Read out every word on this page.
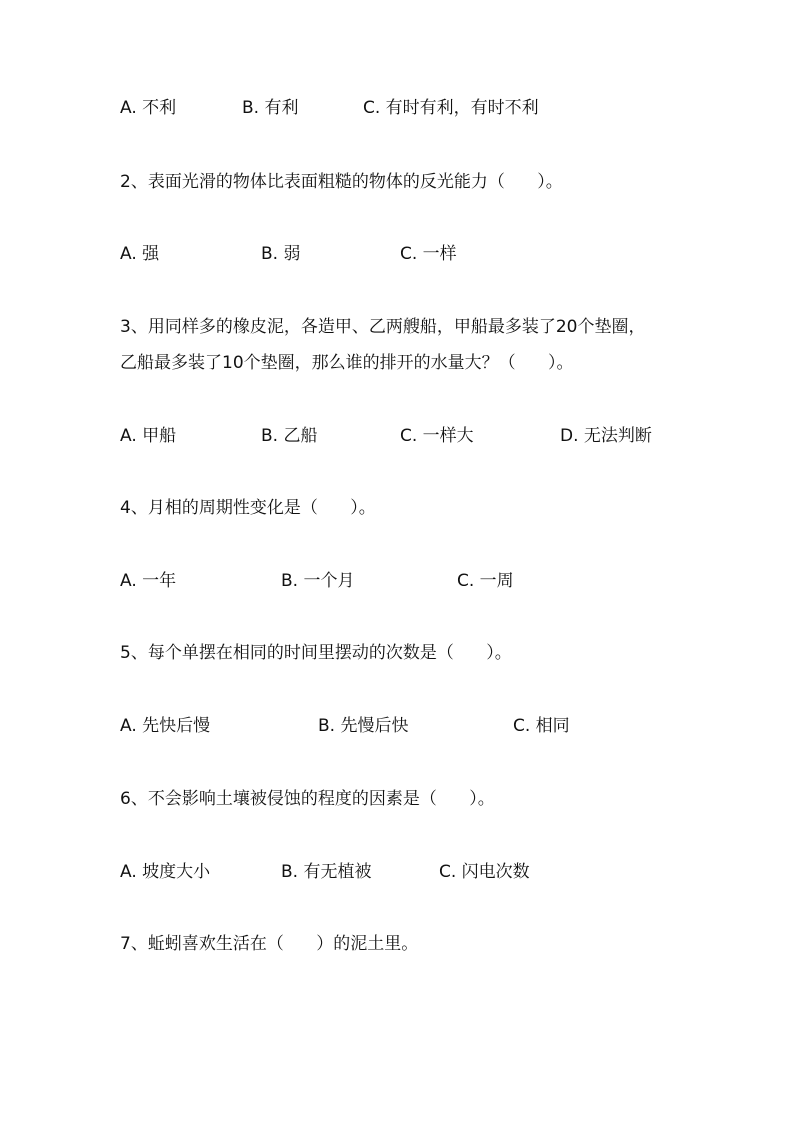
A. 不利	B. 有利	C. 有时有利，有时不利
2、表面光滑的物体比表面粗糙的物体的反光能力（      ）。
A. 强	B. 弱	C. 一样
3、用同样多的橡皮泥，各造甲、乙两艘船，甲船最多装了20个垫圈，
乙船最多装了10个垫圈，那么谁的排开的水量大？（      ）。
A. 甲船	B. 乙船	C. 一样大	D. 无法判断
4、月相的周期性变化是（      ）。
A. 一年	B. 一个月	C. 一周
5、每个单摆在相同的时间里摆动的次数是（      ）。
A. 先快后慢	B. 先慢后快	C. 相同
6、不会影响土壤被侵蚀的程度的因素是（      ）。
A. 坡度大小	B. 有无植被	C. 闪电次数
7、蚯蚓喜欢生活在（      ）的泥土里。
